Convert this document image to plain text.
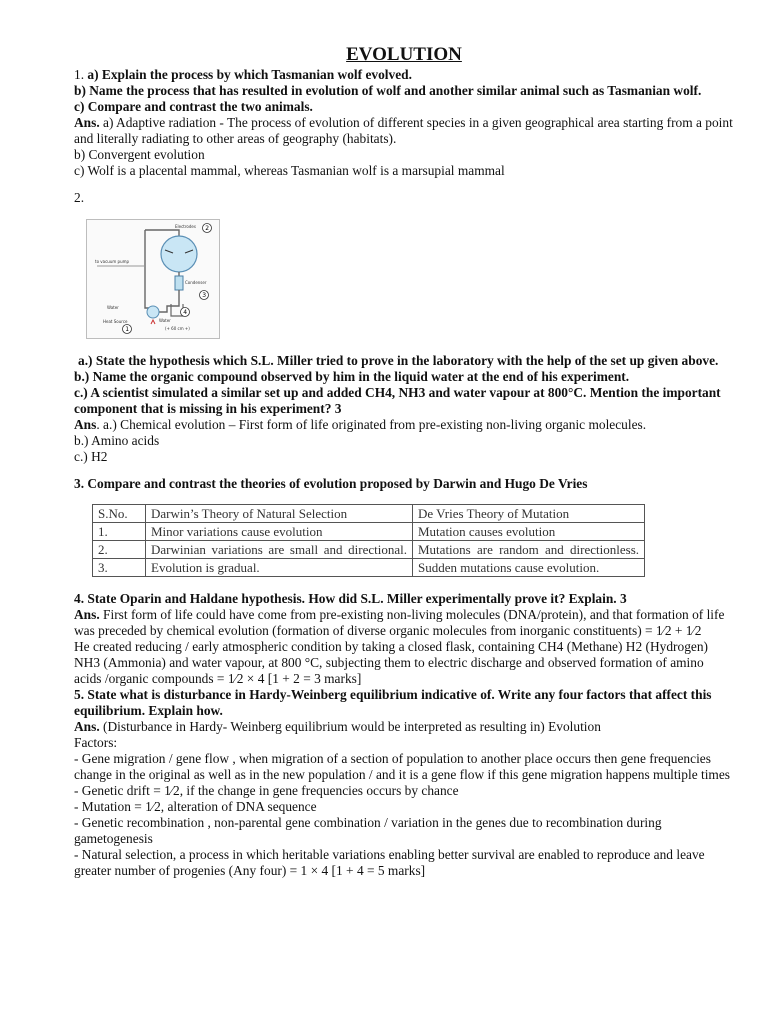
EVOLUTION
1. a) Explain the process by which Tasmanian wolf evolved.
b) Name the process that has resulted in evolution of wolf and another similar animal such as Tasmanian wolf.
c) Compare and contrast the two animals.
Ans. a) Adaptive radiation - The process of evolution of different species in a given geographical area starting from a point and literally radiating to other areas of geography (habitats).
b) Convergent evolution
c) Wolf is a placental mammal, whereas Tasmanian wolf is a marsupial mammal
2.
2
3
4
1
Electrodes
to vacuum pump
Condenser
Water
Heat Source	Water
(+ 60 cm +)
a.) State the hypothesis which S.L. Miller tried to prove in the laboratory with the help of the set up given above.
b.) Name the organic compound observed by him in the liquid water at the end of his experiment.
c.) A scientist simulated a similar set up and added CH4, NH3 and water vapour at 800°C. Mention the important component that is missing in his experiment? 3
Ans. a.) Chemical evolution – First form of life originated from pre-existing non-living organic molecules.
b.) Amino acids
c.) H2
3. Compare and contrast the theories of evolution proposed by Darwin and Hugo De Vries
S.No.	Darwin’s Theory of Natural Selection	De Vries Theory of Mutation
1.	Minor variations cause evolution	Mutation causes evolution
2.	Darwinian variations are small and directional.	Mutations are random and directionless.
3.	Evolution is gradual.	Sudden mutations cause evolution.
4. State Oparin and Haldane hypothesis. How did S.L. Miller experimentally prove it? Explain. 3
Ans. First form of life could have come from pre-existing non-living molecules (DNA/protein), and that formation of life was preceded by chemical evolution (formation of diverse organic molecules from inorganic constituents) = 1⁄2 + 1⁄2
He created reducing / early atmospheric condition by taking a closed flask, containing CH4 (Methane) H2 (Hydrogen) NH3 (Ammonia) and water vapour, at 800 °C, subjecting them to electric discharge and observed formation of amino acids /organic compounds = 1⁄2 × 4 [1 + 2 = 3 marks]
5. State what is disturbance in Hardy-Weinberg equilibrium indicative of. Write any four factors that affect this equilibrium. Explain how.
Ans. (Disturbance in Hardy- Weinberg equilibrium would be interpreted as resulting in) Evolution
Factors:
- Gene migration / gene flow , when migration of a section of population to another place occurs then gene frequencies change in the original as well as in the new population / and it is a gene flow if this gene migration happens multiple times
- Genetic drift = 1⁄2, if the change in gene frequencies occurs by chance
- Mutation = 1⁄2, alteration of DNA sequence
- Genetic recombination , non-parental gene combination / variation in the genes due to recombination during gametogenesis
- Natural selection, a process in which heritable variations enabling better survival are enabled to reproduce and leave greater number of progenies (Any four) = 1 × 4 [1 + 4 = 5 marks]
